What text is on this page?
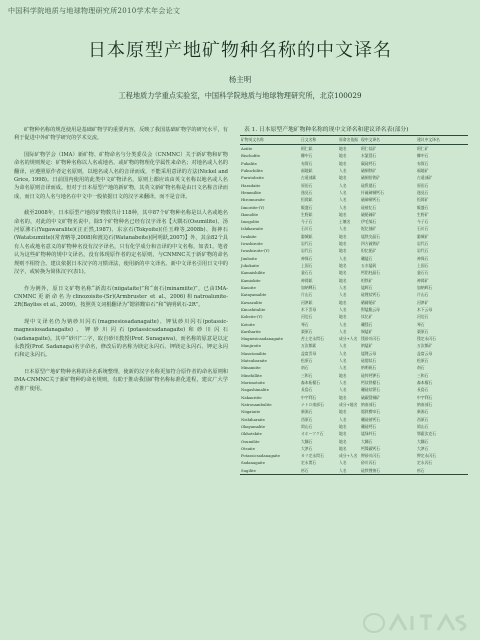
中国科学院地质与地球物理研究所2010学术年会论文
日本原型产地矿物种名称的中文译名
杨主明
工程地质力学重点实验室，中国科学院地质与地球物理研究所，北京100029

矿物种名称的规范使用是基础矿物学的重要内容，反映了我国基础矿物学的研究水平，有利于促进中外矿物学研究的学术交流。

国际矿物学会（IMA）新矿物、矿物命名与分类委员会（CNMNC）关于新矿物和矿物命名的规则规定：矿物种名称以人名或地名、或矿物的物理化学属性来命名；对地名或人名的翻译，应遵照原作者定名原则，以地名或人名的音译而成，不能采用意译的方法(Nickel and Grice, 1998)。日前国内使用的此类中文矿物译名，原则上都应该由英文名称以地名或人名为命名原则音译而成。但对于日本原型产地的新矿物，其英文新矿物名称是由日文名称音译而成，而日文的人名与地名在中文中一般依据日文的汉字来翻译，而不是音译。

截至2008年，日本原型产地的矿物数共计118种，其中87个矿物种名称是以人名或地名命名的。对此的中文矿物名说中，除5个矿物种名已经有汉字译名【大隅石(Osumilite)、汤河原沸石(Yugawaralite)(汪正然,1987)、东京石(Tokyoite)(任玉峰等,2008b)、海神石(Watatsumiite)(常青略等,2008)和渡边石(Watanabeite)(阿明跃,2007)】外，其余82个具有人名或地名意义的矿物种名没有汉字译名，只有化学成分和音译的中文名称，如表1。笔者认为这些矿物种的规中文译名，没有体现原作者的定名原则，与CNMNC关于新矿物的命名规则不相符合。建议依据日本汉字的习惯译法，使用新的中文译名。新中文译名引用日文中的汉字，或转换为简体汉字(表1)。

作为例外，原日文矿物名称“新潟石(niigataite)”和“南石(minamiite)”，已由IMA-CNMNC更新命名为clinozoisite-(Sr)(Armbruster et al., 2006)和natroalunite-2R(Bayliss et al., 2009)，按照英文词根翻译为“锶斜黝帘石”和“钠明矾石-2R”。

现中文译名仍为钠砂川闪石(magnesiosadanagaite)、钾钛砂川闪石(potassic-magnesiosadanagaite)、钾砂川闪石(potassicsadanagaite)和砂川闪石(sadanagaite)。其中“砂川”二字，取自砂川教授(Prof. Sunagawa)，而名称的原意是以定永教授(Prof. Sadanaga)名字命名，修改后的名称为镁定永闪石、钾镁定永闪石、钾定永闪石和定永闪石。

日本原型产地矿物种名称的译名系统整理，使新的汉字名称更加符合原作者的命名原则和IMA-CNMNC关于新矿物种的命名规则，有助于推动我国矿物名称标准化进程，建议广大学者推广使用。

表 1. 日本原型产地矿物种名称的现中文译名和建议译名表(部分)
矿物英文名称	日文名称	原命名依据	现中文译名	建议中文译名
Aoiite	阿仁鉱	地名	阿仁钛矿	阿仁矿
Bischofite	櫛中石	地名	水氯镁石	櫛中石
Fukalite	布賀石	地名	碳硅钙石	布賀石
Fukuchilite	福地鉱	人名	硫铜铁矿	福地矿
Furutobeite	古遠部鉱	地名	硫铜铅铁矿	古遠部矿
Haradaite	原田石	人名	硅钒锶石	原田石
Hemmilite	逸見石	人名	针硫砷铜钙石	逸見石
Hiromuraite	恒岡鉱	人名	硫砷铜钙石	恒岡矿
Iimoriite-(Y)	飯盛石	人名	硅铍钇石	飯盛石
Ikunolite	生野鉱	地名	硫铋碲矿	生野矿
Imogolite	今子石	土壤名	伊毛缟石	今子石
Ishikawaite	石川石	人名	铌钇铀矿	石川石
Iwakiite	磐城鉱	地名	锰铁尖晶石	磐城矿
Iwashiroite	岩代石	地名	四方硫铁矿	岩代石
Iwashiroite-(Y)	岩代石	地名	钽钇铌矿	岩代石
Jimboite	神保石	人名	硼锰石	神保石
Jokokuite	上国石	地名	五水锰矾	上国石
Kamaishilite	釜石石	地名	钙铝柱晶石	釜石石
Kamiokite	神岡鉱	地名	钼铁矿	神岡矿
Kanoite	加納輝石	人名	锰辉石	加納辉石
Katayamalite	片山石	人名	硅锂钛钙石	片山石
Kawazulite	河津鉱	地名	硒碲铋矿	河津矿
Kinoshitalite	木下雲母	人名	钡锰脆云母	木下云母
Kobeite-(Y)	河边石	地名	钛钇矿	河边石
Kotoite	琴石	人名	硼镁石	琴石
Kuriharite	栗原石	人名	铜锰矿	栗原石
Magnesiosadanagaite	苦土定永閃石	成分+人名	镁砂川闪石	镁定永闪石
Manjiroite	万次郎鉱	人名	钠锰矿	万次郎矿
Masutomilite	益富雲母	人名	锰锂云母	益富云母
Matsubaraite	松原石	人名	硅锶钛石	松原石
Minamiite	南石	人名	钠明矾石	南石
Minehillite	三和石	地名	硅锌钙钾石	三和石
Morimotoite	森本柘榴石	人名	钙钛铁榴石	森本榴石
Nagashimalite	長島石	人名	硼硅钛钡石	長島石
Nakauriite	中宇利石	地名	硫碳镁铜矿	中宇利石
Natronambulite	ナトロ南部石	成分+地名	钠南部石	钠南部石
Niigataite	新潟石	地名	锶斜黝帘石	新潟石
Nishiharaite	西原石	人名	硼硅铍钙石	西原石
Okayamalite	岡山石	地名	硼硅钙石	岡山石
Okhotskite	オホーツク石	地名	锰绿纤石	鄂霍次克石
Osumilite	大隅石	地名	大隅石	大隅石
Otsuite	大津石	地名	钙镍碳钙石	大津石
Potassicsadanagaite	カリ定永閃石	成分+人名	钾砂川闪石	钾定永闪石
Sadanagaite	定永閃石	人名	砂川闪石	定永闪石
Sugilite	杉石	人名	硅铁锂钠石	杉石
